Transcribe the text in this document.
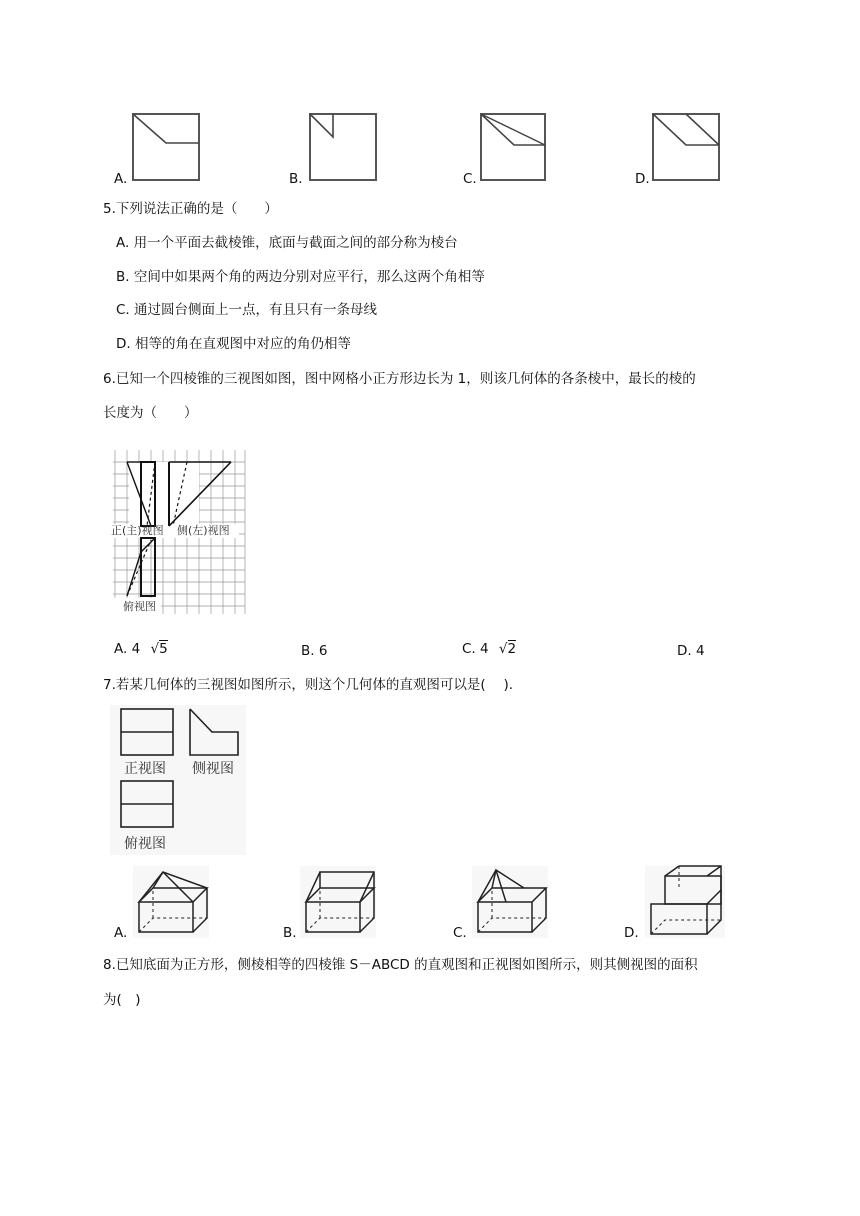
A.	B.	C.	D.
5.下列说法正确的是（　　）
A. 用一个平面去截棱锥，底面与截面之间的部分称为棱台
B. 空间中如果两个角的两边分别对应平行，那么这两个角相等
C. 通过圆台侧面上一点，有且只有一条母线
D. 相等的角在直观图中对应的角仍相等
6.已知一个四棱锥的三视图如图，图中网格小正方形边长为 1，则该几何体的各条棱中，最长的棱的
长度为（　　）
正(主)视图 侧(左)视图
俯视图
A. 4 √5	B. 6	C. 4 √2	D. 4
7.若某几何体的三视图如图所示，则这个几何体的直观图可以是(　 ).
正视图 侧视图
俯视图
A.	B.	C.	D.
8.已知底面为正方形，侧棱相等的四棱锥 S－ABCD 的直观图和正视图如图所示，则其侧视图的面积
为(　)
